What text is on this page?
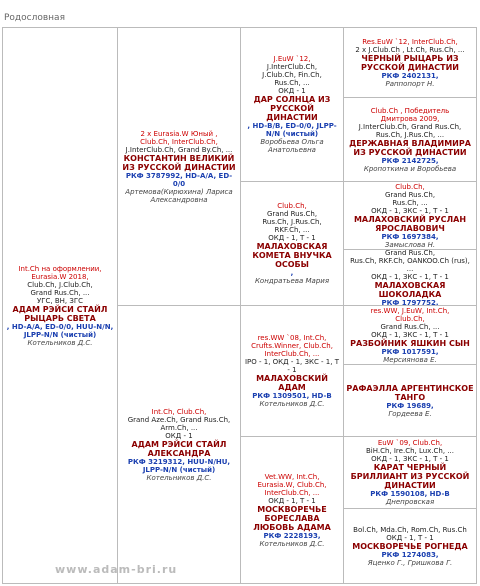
Родословная
Int.Ch на оформлении,
Eurasia.W 2018,
Club.Ch, J.Club.Ch,
Grand Rus.Ch, ...
УГС, ВН, ЗГС
АДАМ РЭЙСИ СТАЙЛ РЫЦАРЬ СВЕТА
, HD-A/A, ED-0/0, HUU-N/N, JLPP-N/N (чистый)
Котельников Д.С.
2 x Eurasia.W Юный ,
Club.Ch, InterClub.Ch,
J.InterClub.Ch, Grand By.Ch, ...
КОНСТАНТИН ВЕЛИКИЙ ИЗ РУССКОЙ ДИНАСТИИ
РКФ 3787992, HD-A/A, ED-0/0
Артемова(Кирюхина) Лариса Александровна
Int.Ch, Club.Ch,
Grand Aze.Ch, Grand Rus.Ch, Arm.Ch, ...
ОКД - 1
АДАМ РЭЙСИ СТАЙЛ АЛЕКСАНДРА
РКФ 3219312, HUU-N/HU, JLPP-N/N (чистый)
Котельников Д.С.
J.EuW `12,
J.InterClub.Ch,
J.Club.Ch, Fin.Ch,
Rus.Ch, ...
ОКД - 1
ДАР СОЛНЦА ИЗ РУССКОЙ ДИНАСТИИ
, HD-B/B, ED-0/0, JLPP-N/N (чистый)
Воробьева Ольга Анатольевна
Club.Ch,
Grand Rus.Ch,
Rus.Ch, J.Rus.Ch,
RKF.Ch, ...
ОКД - 1, Т - 1
МАЛАХОВСКАЯ КОМЕТА ВНУЧКА ОСОБЫ
,
Кондратьева Мария
res.WW `08, Int.Ch,
Crufts.Winner, Club.Ch,
InterClub.Ch, ...
IPO - 1, ОКД - 1, ЗКС - 1, Т - 1
МАЛАХОВСКИЙ АДАМ
РКФ 1309501, HD-B
Котельников Д.С.
Vet.WW, Int.Ch,
Eurasia.W, Club.Ch,
InterClub.Ch, ...
ОКД - 1, Т - 1
МОСКВОРЕЧЬЕ БОРЕСЛАВА ЛЮБОВЬ АДАМА
РКФ 2228193,
Котельников Д.С.
Res.EuW `12, InterClub.Ch,
2 x J.Club.Ch , Lt.Ch, Rus.Ch, ...
ЧЕРНЫЙ РЫЦАРЬ ИЗ РУССКОЙ ДИНАСТИИ
РКФ 2402131,
Раппопорт Н.
Club.Ch , Победитель
Дмитрова 2009,
J.InterClub.Ch, Grand Rus.Ch,
Rus.Ch, J.Rus.Ch, ...
ДЕРЖАВНАЯ ВЛАДИМИРА ИЗ РУССКОЙ ДИНАСТИИ
РКФ 2142725,
Кропоткина и Воробьева
Club.Ch,
Grand Rus.Ch,
Rus.Ch, ...
ОКД - 1, ЗКС - 1, Т - 1
МАЛАХОВСКИЙ РУСЛАН ЯРОСЛАВОВИЧ
РКФ 1697384,
Замыслова Н.
Grand Rus.Ch,
Rus.Ch, RKF.Ch, OANKOO.Ch (rus), ...
ОКД - 1, ЗКС - 1, Т - 1
МАЛАХОВСКАЯ ШОКОЛАДКА
РКФ 1797752,
res.WW, J.EuW, Int.Ch,
Club.Ch,
Grand Rus.Ch, ...
ОКД - 1, ЗКС - 1, Т - 1
РАЗБОЙНИК ЯШКИН СЫН
РКФ 1017591,
Мерсиянова Е.
РАФАЭЛЛА АРГЕНТИНСКОЕ ТАНГО
РКФ 19689,
Гордеева Е.
EuW `09, Club.Ch,
BiH.Ch, Ire.Ch, Lux.Ch, ...
ОКД - 1, ЗКС - 1, Т - 1
КАРАТ ЧЕРНЫЙ БРИЛЛИАНТ ИЗ РУССКОЙ ДИНАСТИИ
РКФ 1590108, HD-B
Днепровская
Bol.Ch, Mda.Ch, Rom.Ch, Rus.Ch
ОКД - 1, Т - 1
МОСКВОРЕЧЬЕ РОГНЕДА
РКФ 1274083,
Яценко Г., Гришкова Г.
www.adam-bri.ru
